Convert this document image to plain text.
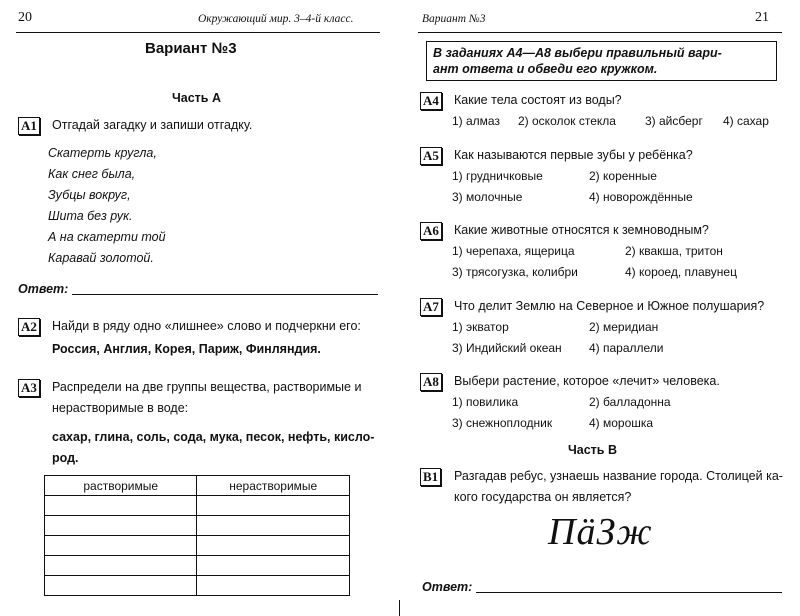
20	Окружающий мир. 3–4-й класс.
Вариант №3
Часть А
А1 Отгадай загадку и запиши отгадку.
Скатерть кругла,
Как снег была,
Зубцы вокруг,
Шита без рук.
А на скатерти той
Каравай золотой.
Ответ:
А2 Найди в ряду одно «лишнее» слово и подчеркни его:
Россия, Англия, Корея, Париж, Финляндия.
А3 Распредели на две группы вещества, растворимые и
нерастворимые в воде:
сахар, глина, соль, сода, мука, песок, нефть, кисло-
род.
растворимые	нерастворимые

Вариант №3	21
В заданиях А4—А8 выбери правильный вари-
ант ответа и обведи его кружком.
А4 Какие тела состоят из воды?
1) алмаз 2) осколок стекла 3) айсберг 4) сахар
А5 Как называются первые зубы у ребёнка?
1) грудничковые	2) коренные
3) молочные	4) новорождённые
А6 Какие животные относятся к земноводным?
1) черепаха, ящерица	2) квакша, тритон
3) трясогузка, колибри	4) короед, плавунец
А7 Что делит Землю на Северное и Южное полушария?
1) экватор	2) меридиан
3) Индийский океан 4) параллели
А8 Выбери растение, которое «лечит» человека.
1) повилика	2) балладонна
3) снежноплодник	4) морошка
Часть В
В1 Разгадав ребус, узнаешь название города. Столицей ка-
кого государства он является?
ПӓЗж
Ответ:
